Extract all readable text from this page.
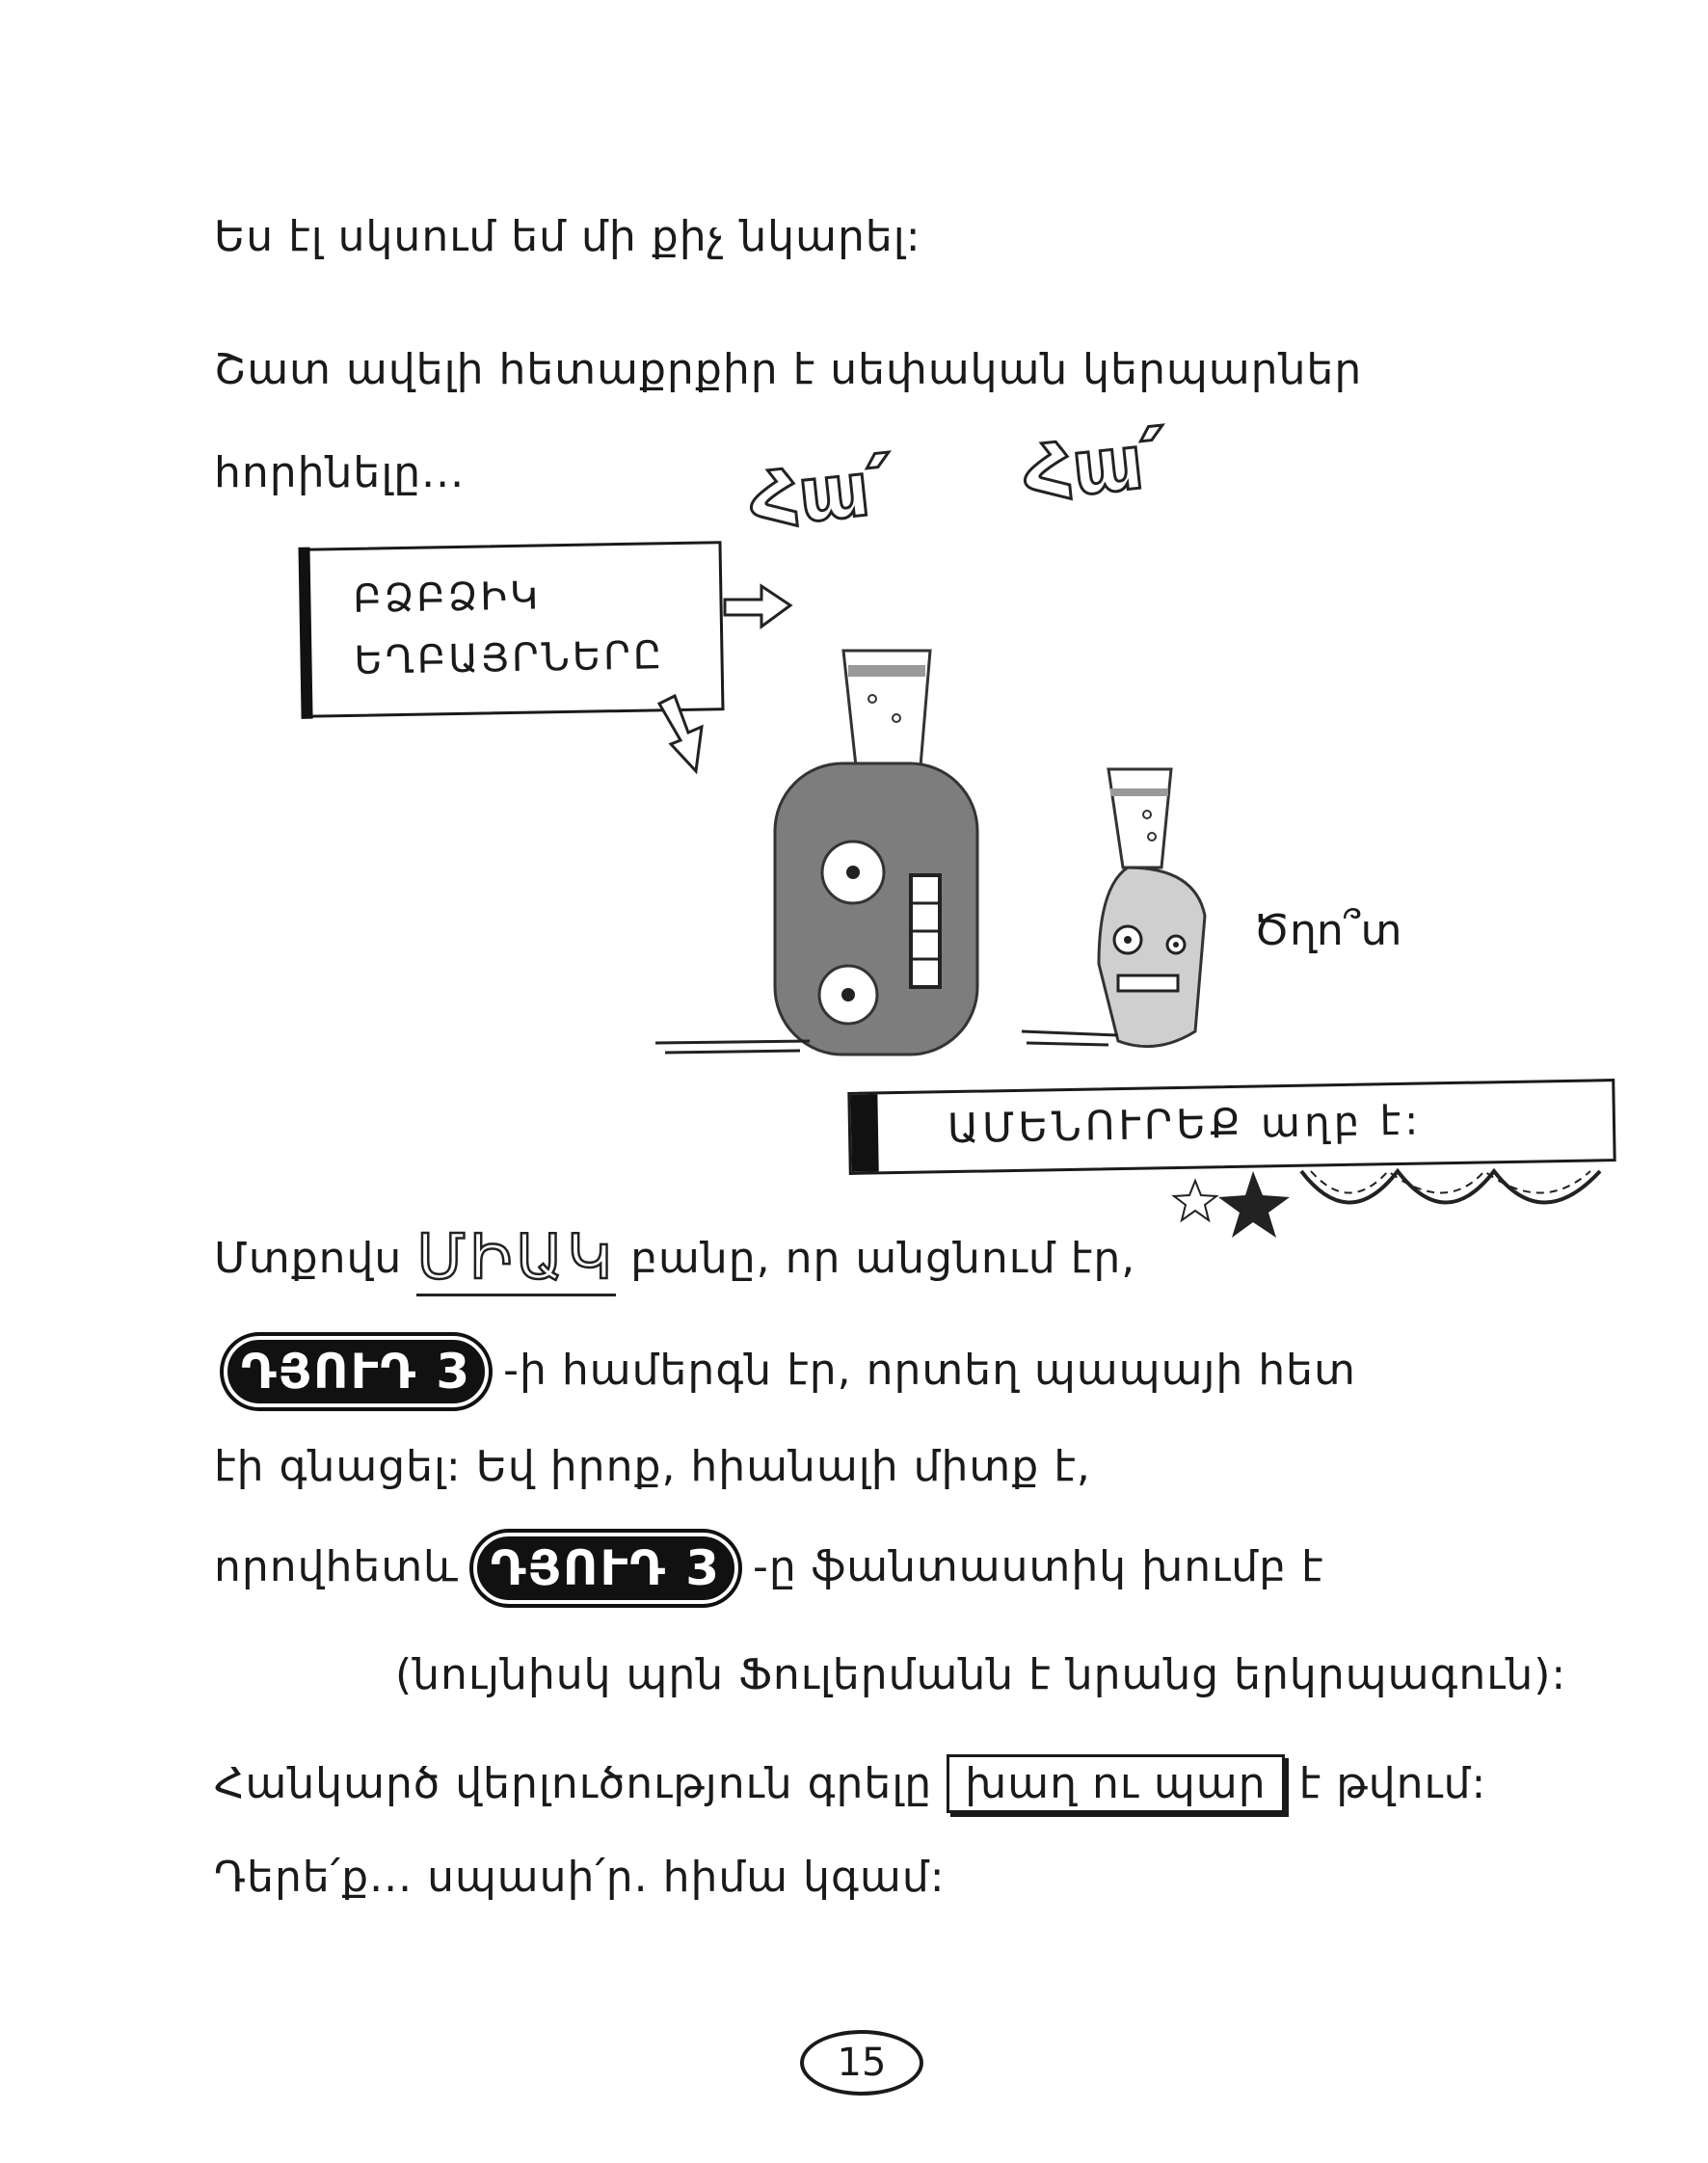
Ես էլ սկսում եմ մի քիչ նկարել:
Շատ ավելի հետաքրքիր է սեփական կերպարներ
հորինելը...	Հա՛ Հա՛
ԲՁԲՁԻԿ
ԵՂԲԱՅՐՆԵՐԸ
Ծղո՞տ
ԱՄԵՆՈՒՐԵՔ աղբ է:
Մտքովս ՄԻԱԿ բանը, որ անցնում էր,
ԴՅՈՒԴ 3 -ի համերգն էր, որտեղ պապայի հետ
էի գնացել: Եվ իրոք, հիանալի միտք է,
որովհետև ԴՅՈՒԴ 3 -ը ֆանտաստիկ խումբ է
(նույնիսկ պրն Ֆուլերմանն է նրանց երկրպագուն):
Հանկարծ վերլուծություն գրելը խաղ ու պար է թվում:
Դերե՛ք... սպասի՛ր. հիմա կգամ:
15
